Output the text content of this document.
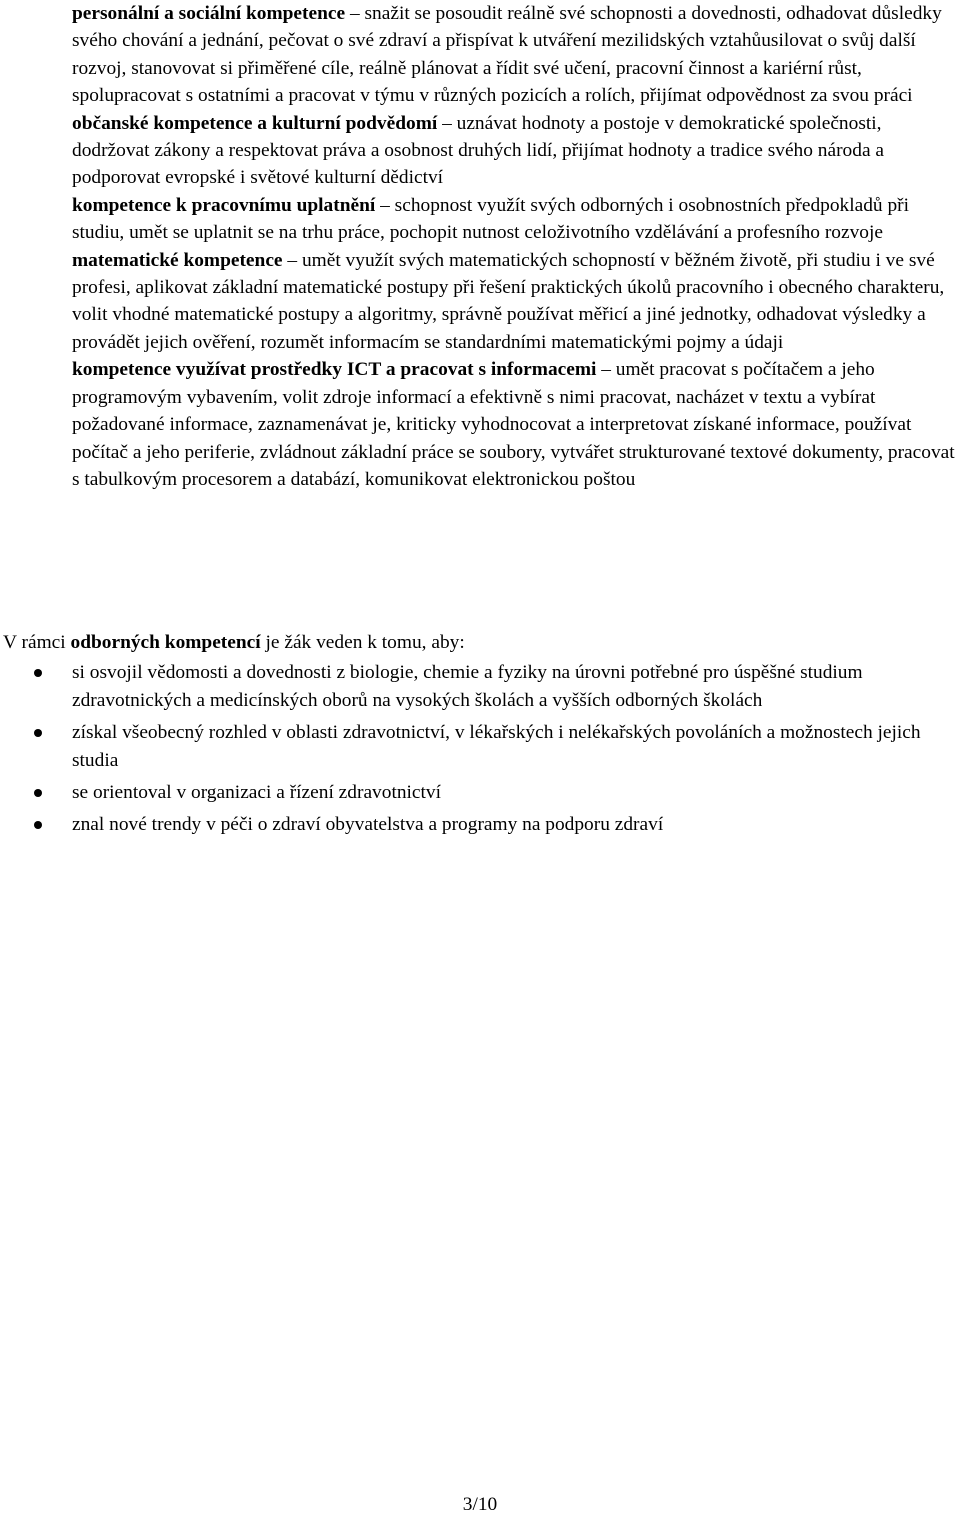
personální a sociální kompetence – snažit se posoudit reálně své schopnosti a dovednosti, odhadovat důsledky svého chování a jednání, pečovat o své zdraví a přispívat k utváření mezilidských vztahůusilovat o svůj další rozvoj, stanovovat si přiměřené cíle, reálně plánovat a řídit své učení, pracovní činnost a kariérní růst, spolupracovat s ostatními a pracovat v týmu v různých pozicích a rolích, přijímat odpovědnost za svou práci

občanské kompetence a kulturní podvědomí – uznávat hodnoty a postoje v demokratické společnosti, dodržovat zákony a respektovat práva a osobnost druhých lidí, přijímat hodnoty a tradice svého národa a podporovat evropské i světové kulturní dědictví

kompetence k pracovnímu uplatnění – schopnost využít svých odborných i osobnostních předpokladů při studiu, umět se uplatnit se na trhu práce, pochopit nutnost celoživotního vzdělávání a profesního rozvoje

matematické kompetence – umět využít svých matematických schopností v běžném životě, při studiu i ve své profesi, aplikovat základní matematické postupy při řešení praktických úkolů pracovního i obecného charakteru, volit vhodné matematické postupy a algoritmy, správně používat měřicí a jiné jednotky, odhadovat výsledky a provádět jejich ověření, rozumět informacím se standardními matematickými pojmy a údaji

kompetence využívat prostředky ICT a pracovat s informacemi – umět pracovat s počítačem a jeho programovým vybavením, volit zdroje informací a efektivně s nimi pracovat, nacházet v textu a vybírat požadované informace, zaznamenávat je, kriticky vyhodnocovat a interpretovat získané informace, používat počítač a jeho periferie, zvládnout základní práce se soubory, vytvářet strukturované textové dokumenty, pracovat s tabulkovým procesorem a databází, komunikovat elektronickou poštou

V rámci odborných kompetencí je žák veden k tomu, aby:
si osvojil vědomosti a dovednosti z biologie, chemie a fyziky na úrovni potřebné pro úspěšné studium zdravotnických a medicínských oborů na vysokých školách a vyšších odborných školách
získal všeobecný rozhled v oblasti zdravotnictví, v lékařských i nelékařských povoláních a možnostech jejich studia
se orientoval v organizaci a řízení zdravotnictví
znal nové trendy v péči o zdraví obyvatelstva a programy na podporu zdraví
3/10
